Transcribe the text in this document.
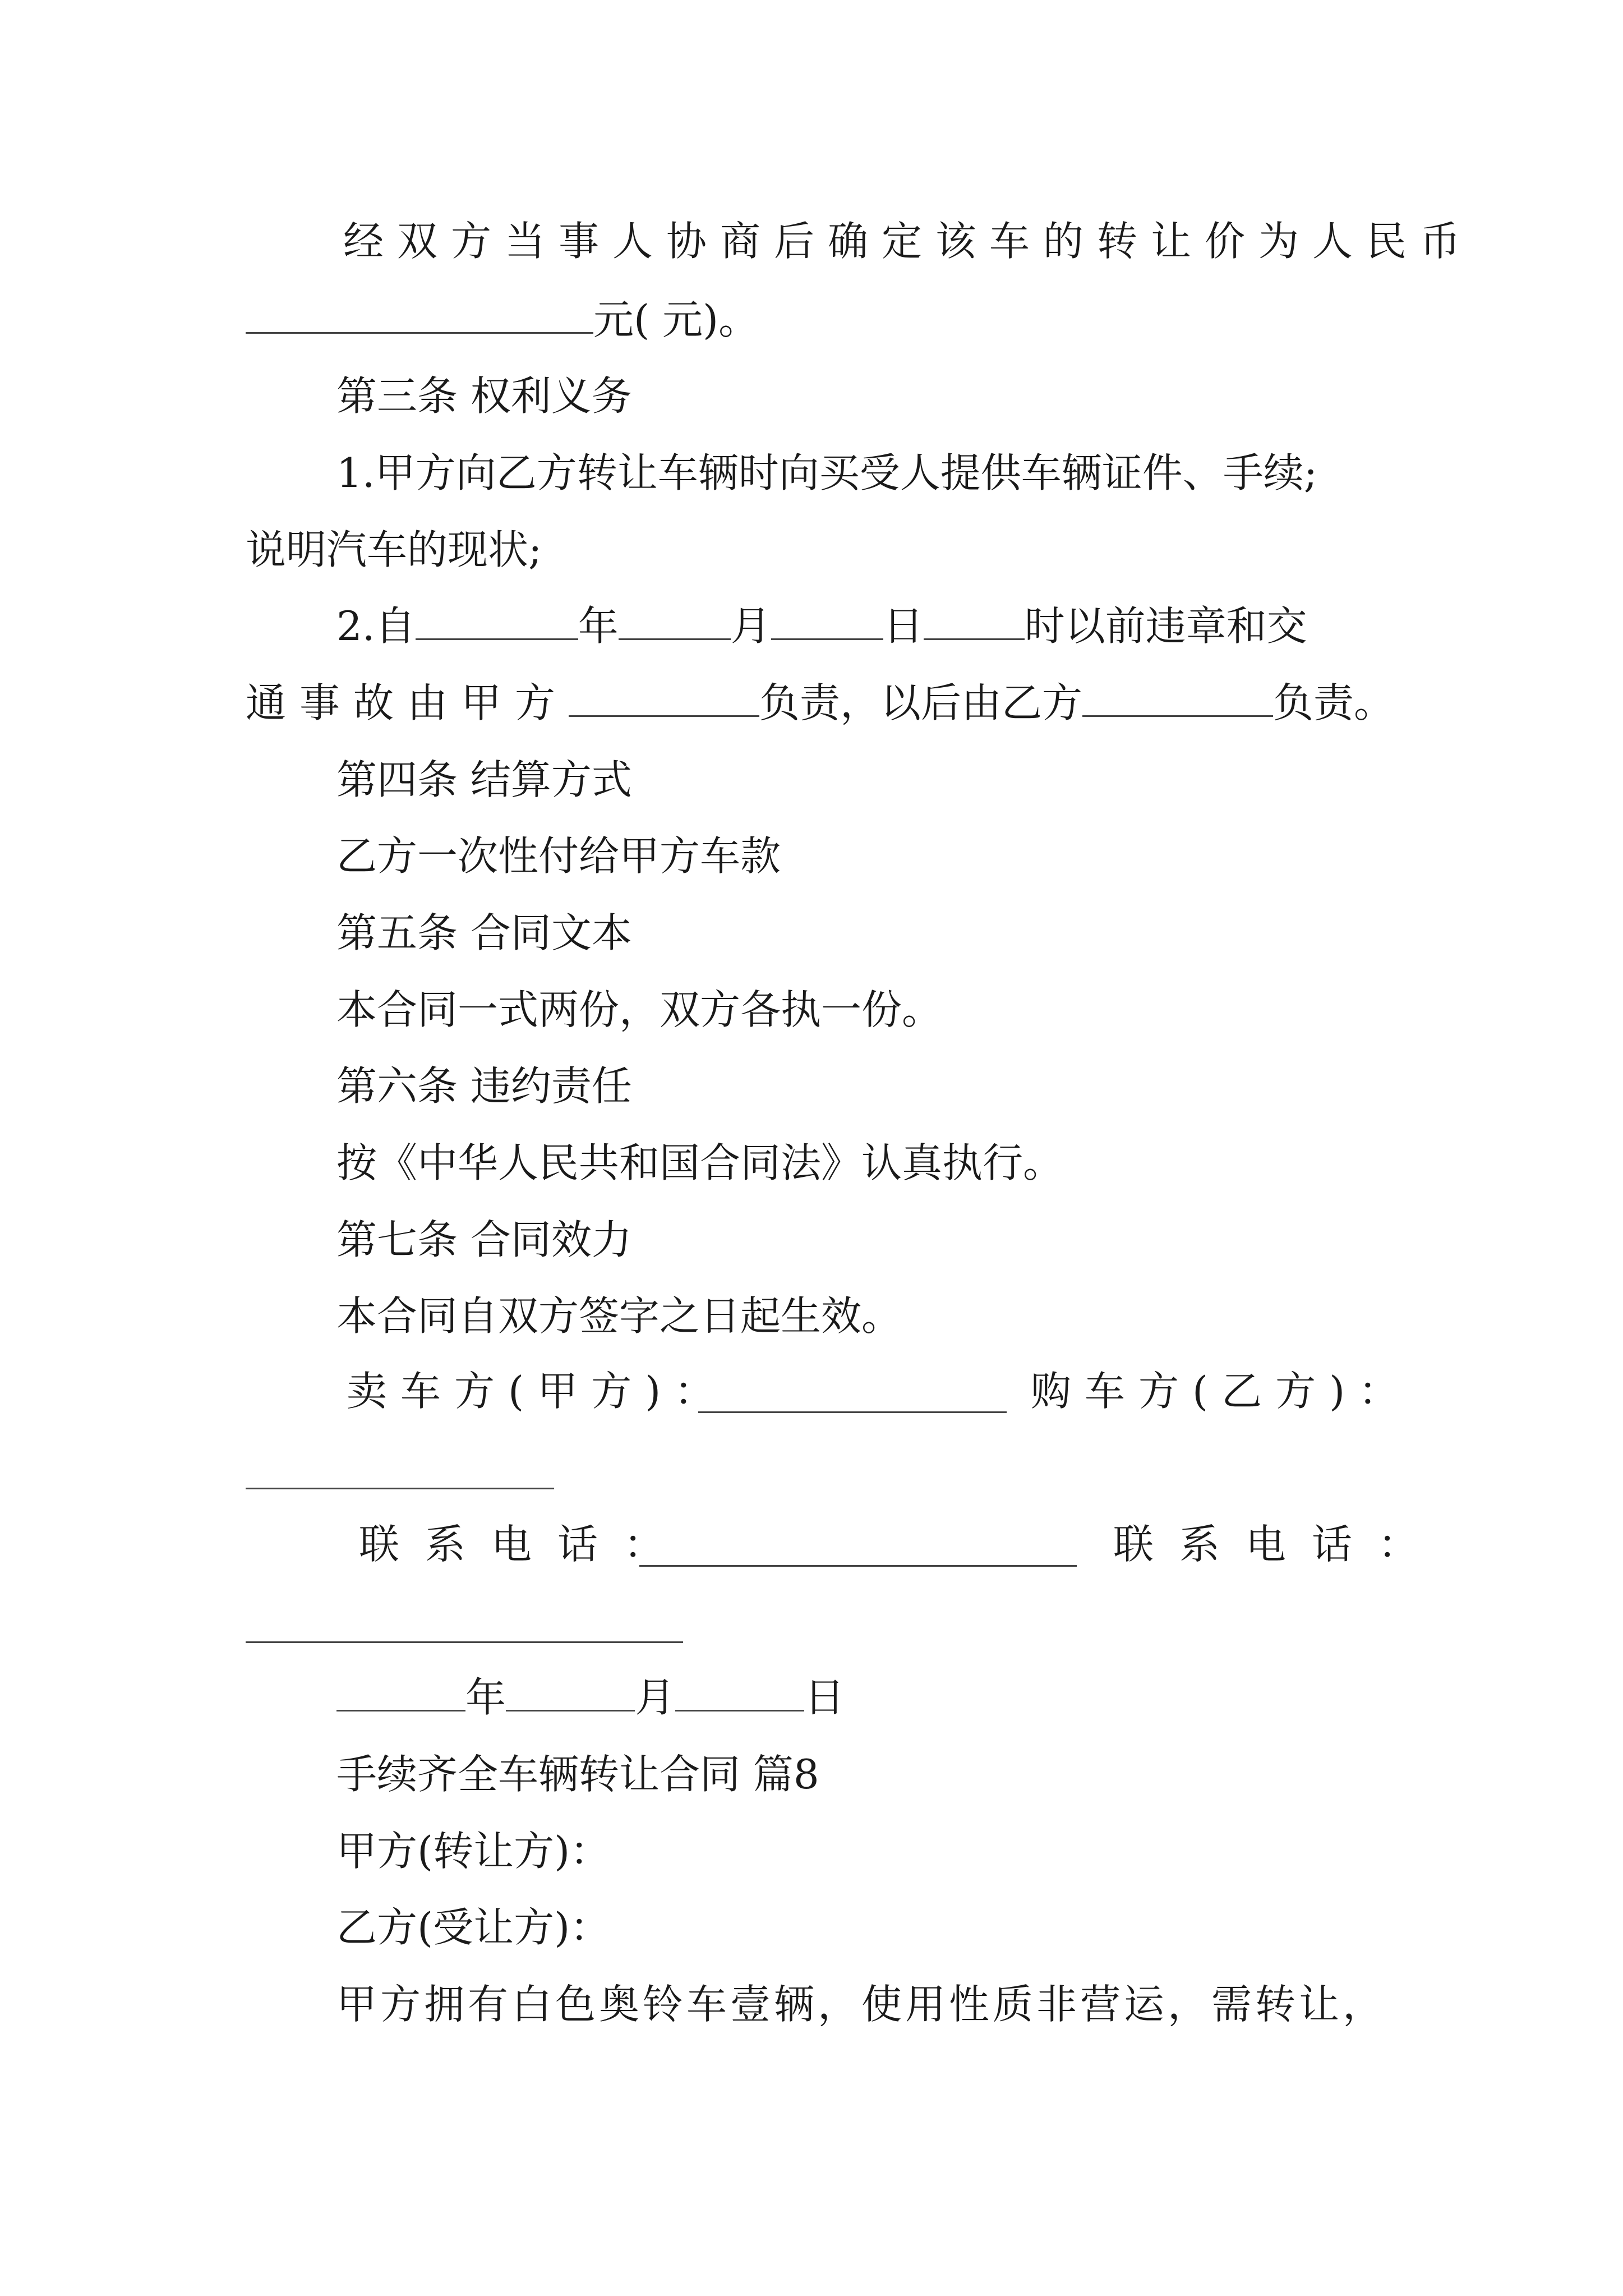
经双方当事人协商后确定该车的转让价为人民币
元( 元)。
第三条 权利义务
1.甲方向乙方转让车辆时向买受人提供车辆证件、手续;
说明汽车的现状;
2.自	年	月	日	时以前违章和交
通事故由甲方	负责，以后由乙方	负责。
第四条 结算方式
乙方一次性付给甲方车款
第五条 合同文本
本合同一式两份，双方各执一份。
第六条 违约责任
按《中华人民共和国合同法》认真执行。
第七条 合同效力
本合同自双方签字之日起生效。
卖车方(甲方)：	购车方(乙方)：
联系电话：	联系电话：
年	月	日
手续齐全车辆转让合同 篇8
甲方(转让方)：
乙方(受让方)：
甲方拥有白色奥铃车壹辆，使用性质非营运，需转让，
